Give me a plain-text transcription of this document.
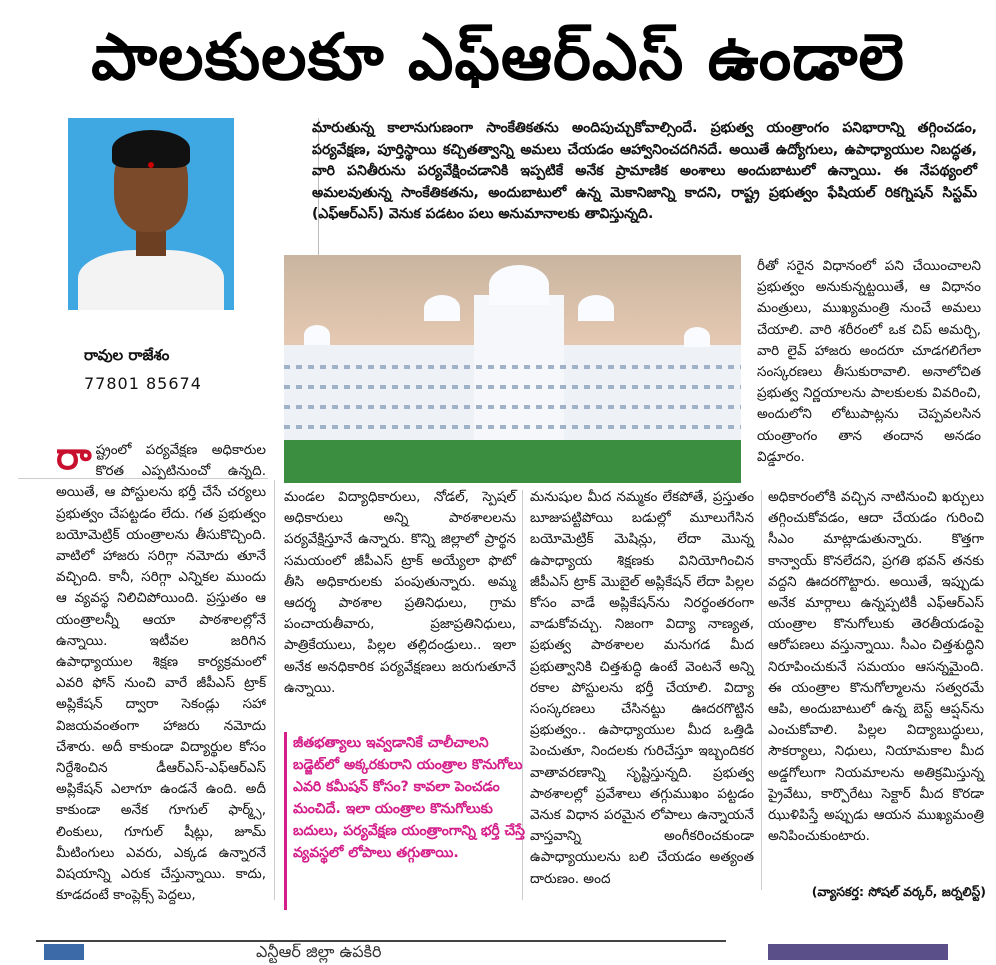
పాలకులకూ ఎఫ్ఆర్ఎస్ ఉండాలె
రావుల రాజేశం
77801 85674
మారుతున్న కాలానుగుణంగా సాంకేతికతను అందిపుచ్చుకోవాల్సిందే. ప్రభుత్వ యంత్రాంగం పనిభారాన్ని తగ్గించడం, పర్యవేక్షణ, పూర్తిస్థాయి కచ్చితత్వాన్ని అమలు చేయడం ఆహ్వానించదగినదే. అయితే ఉద్యోగులు, ఉపాధ్యాయుల నిబద్ధత, వారి పనితీరును పర్యవేక్షించడానికి ఇప్పటికే అనేక ప్రామాణిక అంశాలు అందుబాటులో ఉన్నాయి. ఈ నేపథ్యంలో అమలవుతున్న సాంకేతికతను, అందుబాటులో ఉన్న మెకానిజాన్ని కాదని, రాష్ట్ర ప్రభుత్వం ఫేషియల్ రికగ్నిషన్ సిస్టమ్ (ఎఫ్ఆర్ఎస్) వెనుక పడటం పలు అనుమానాలకు తావిస్తున్నది.

రీతో సరైన విధానంలో పని చేయించాలని ప్రభుత్వం అనుకున్నట్టయితే, ఆ విధానం మంత్రులు, ముఖ్యమంత్రి నుంచే అమలు చేయాలి. వారి శరీరంలో ఒక చిప్ అమర్చి, వారి లైవ్ హాజరు అందరూ చూడగలిగేలా సంస్కరణలు తీసుకురావాలి. అనాలోచిత ప్రభుత్వ నిర్ణయాలను పాలకులకు వివరించి, అందులోని లోటుపాట్లను చెప్పవలసిన యంత్రాంగం తాన తందాన అనడం విడ్డూరం.

రాష్ట్రంలో పర్యవేక్షణ అధికారుల కొరత ఎప్పటినుంచో ఉన్నది. అయితే, ఆ పోస్టులను భర్తీ చేసే చర్యలు ప్రభుత్వం చేపట్టడం లేదు. గత ప్రభుత్వం బయోమెట్రిక్ యంత్రాలను తీసుకొచ్చింది. వాటిలో హాజరు సరిగ్గా నమోదు తూనే వచ్చింది. కానీ, సరిగ్గా ఎన్నికల ముందు ఆ వ్యవస్థ నిలిచిపోయింది. ప్రస్తుతం ఆ యంత్రాలన్నీ ఆయా పాఠశాలల్లోనే ఉన్నాయి. ఇటీవల జరిగిన ఉపాధ్యాయుల శిక్షణ కార్యక్రమంలో ఎవరి ఫోన్ నుంచి వారే జీపీఎస్ ట్రాక్ అప్లికేషన్ ద్వారా సెకండ్లు సహా విజయవంతంగా హాజరు నమోదు చేశారు. అదీ కాకుండా విద్యార్థుల కోసం నిర్దేశించిన డీఆర్ఎస్-ఎఫ్ఆర్ఎస్ అప్లికేషన్ ఎలాగూ ఉండనే ఉంది. అదీ కాకుండా అనేక గూగుల్ ఫార్మ్స్, లింకులు, గూగుల్ షీట్లు, జూమ్ మీటింగులు ఎవరు, ఎక్కడ ఉన్నారనే విషయాన్ని ఎరుక చేస్తున్నాయి. కాదు, కూడదంటే కాంప్లెక్స్ పెద్దలు,

మండల విద్యాధికారులు, నోడల్, స్పెషల్ అధికారులు అన్ని పాఠశాలలను పర్యవేక్షిస్తూనే ఉన్నారు. కొన్ని జిల్లాలో ప్రార్థన సమయంలో జీపీఎస్ ట్రాక్ అయ్యేలా ఫొటో తీసి అధికారులకు పంపుతున్నారు. అమ్మ ఆదర్శ పాఠశాల ప్రతినిధులు, గ్రామ పంచాయతీవారు, ప్రజాప్రతినిధులు, పాత్రికేయులు, పిల్లల తల్లిదండ్రులు.. ఇలా అనేక అనధికారిక పర్యవేక్షణలు జరుగుతూనే ఉన్నాయి.

జీతభత్యాలు ఇవ్వడానికే చాలీచాలని బడ్జెట్‌లో అక్కరకురాని యంత్రాల కొనుగోలు ఎవరి కమీషన్ కోసం? కావలా పెంచడం మంచిదే. ఇలా యంత్రాల కొనుగోలుకు బదులు, పర్యవేక్షణ యంత్రాంగాన్ని భర్తీ చేస్తే వ్యవస్థలో లోపాలు తగ్గుతాయి.

మనుషుల మీద నమ్మకం లేకపోతే, ప్రస్తుతం బూజుపట్టిపోయి బడుల్లో మూలుగేసిన బయోమెట్రిక్ మెషిన్లు, లేదా మొన్న ఉపాధ్యాయ శిక్షణకు వినియోగించిన జీపీఎస్ ట్రాక్ మొబైల్ అప్లికేషన్ లేదా పిల్లల కోసం వాడే అప్లికేషన్‌ను నిరర్థంతరంగా వాడుకోవచ్చు. నిజంగా విద్యా నాణ్యత, ప్రభుత్వ పాఠశాలల మనుగడ మీద ప్రభుత్వానికి చిత్తశుద్ధి ఉంటే వెంటనే అన్ని రకాల పోస్టులను భర్తీ చేయాలి. విద్యా సంస్కరణలు చేసినట్టు ఊదరగొట్టిన ప్రభుత్వం.. ఉపాధ్యాయుల మీద ఒత్తిడి పెంచుతూ, నిందలకు గురిచేస్తూ ఇబ్బందికర వాతావరణాన్ని సృష్టిస్తున్నది. ప్రభుత్వ పాఠశాలల్లో ప్రవేశాలు తగ్గుముఖం పట్టడం వెనుక విధాన పరమైన లోపాలు ఉన్నాయనే వాస్తవాన్ని అంగీకరించకుండా ఉపాధ్యాయులను బలి చేయడం అత్యంత దారుణం. అంద

అధికారంలోకి వచ్చిన నాటినుంచి ఖర్చులు తగ్గించుకోవడం, ఆదా చేయడం గురించి సీఎం మాట్లాడుతున్నారు. కొత్తగా కాన్వాయ్ కొనలేదని, ప్రగతి భవన్ తనకు వద్దని ఊదరగొట్టారు. అయితే, ఇప్పుడు అనేక మార్గాలు ఉన్నప్పటికీ ఎఫ్ఆర్ఎస్ యంత్రాల కొనుగోలుకు తెరతీయడంపై ఆరోపణలు వస్తున్నాయి. సీఎం చిత్తశుద్ధిని నిరూపించుకునే సమయం ఆసన్నమైంది. ఈ యంత్రాల కొనుగోల్మాలను సత్వరమే ఆపి, అందుబాటులో ఉన్న బెస్ట్ ఆప్షన్‌ను ఎంచుకోవాలి. పిల్లల విద్యాబుద్ధులు, సౌకర్యాలు, నిధులు, నియామకాల మీద అడ్డగోలుగా నియమాలను అతిక్రమిస్తున్న ప్రైవేటు, కార్పొరేటు సెక్టార్ మీద కొరడా ఝుళిపిస్తే అప్పుడు ఆయన ముఖ్యమంత్రి అనిపించుకుంటారు.

(వ్యాసకర్త: సోషల్ వర్కర్, జర్నలిస్ట్)
ఎన్టీఆర్ జిల్లా ఉపకిరి
